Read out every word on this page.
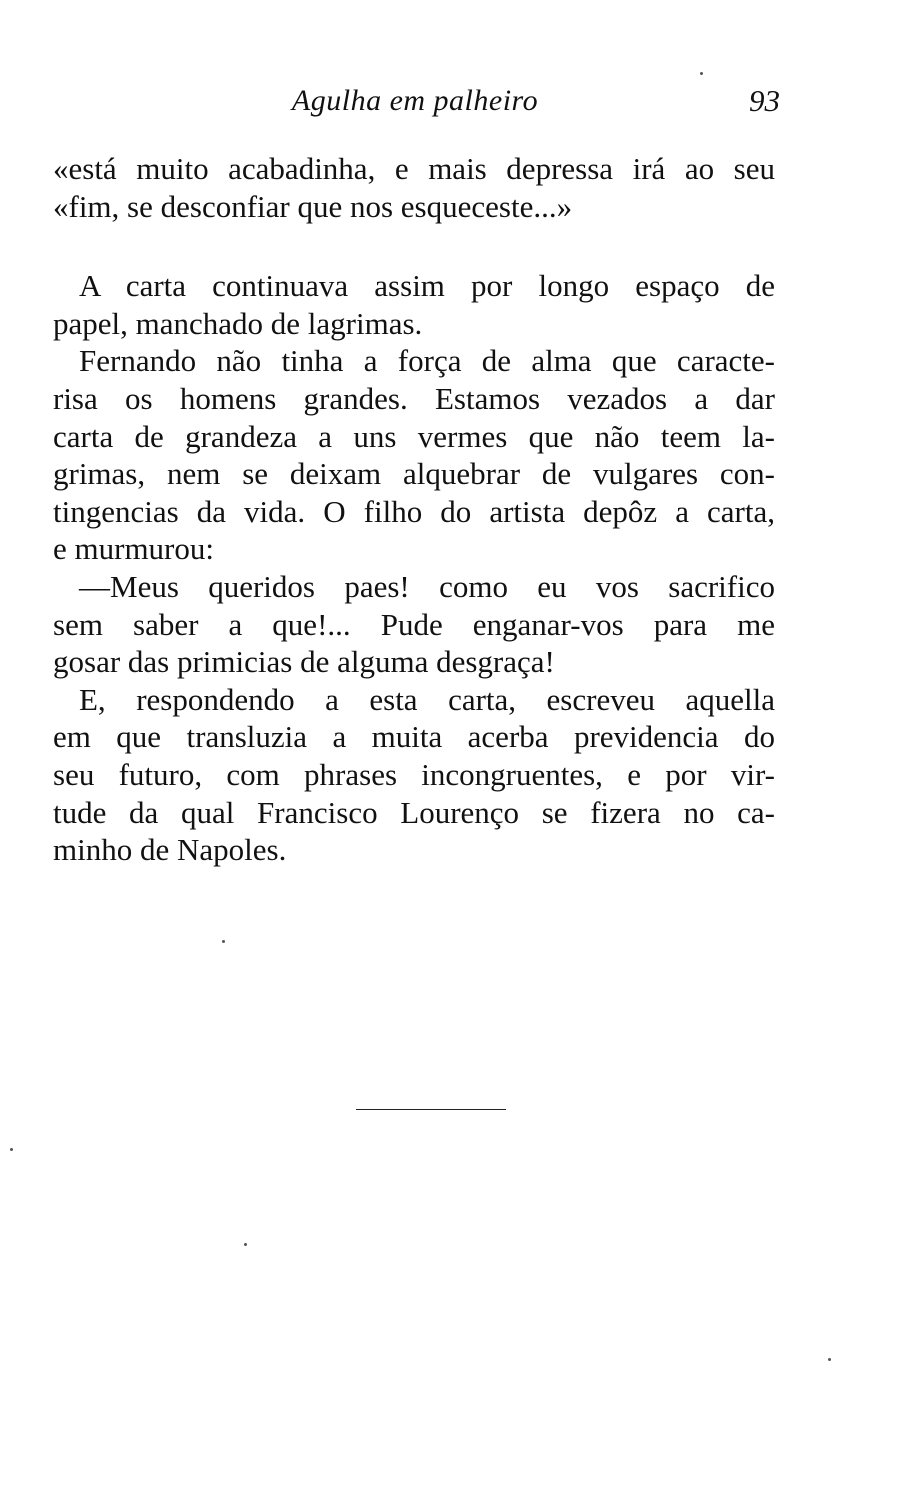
Agulha em palheiro	93
«está muito acabadinha, e mais depressa irá ao seu
«fim, se desconfiar que nos esqueceste...»
A carta continuava assim por longo espaço de
papel, manchado de lagrimas.
Fernando não tinha a força de alma que caracte-
risa os homens grandes. Estamos vezados a dar
carta de grandeza a uns vermes que não teem la-
grimas, nem se deixam alquebrar de vulgares con-
tingencias da vida. O filho do artista depôz a carta,
e murmurou:
—Meus queridos paes! como eu vos sacrifico
sem saber a que!... Pude enganar-vos para me
gosar das primicias de alguma desgraça!
E, respondendo a esta carta, escreveu aquella
em que transluzia a muita acerba previdencia do
seu futuro, com phrases incongruentes, e por vir-
tude da qual Francisco Lourenço se fizera no ca-
minho de Napoles.
